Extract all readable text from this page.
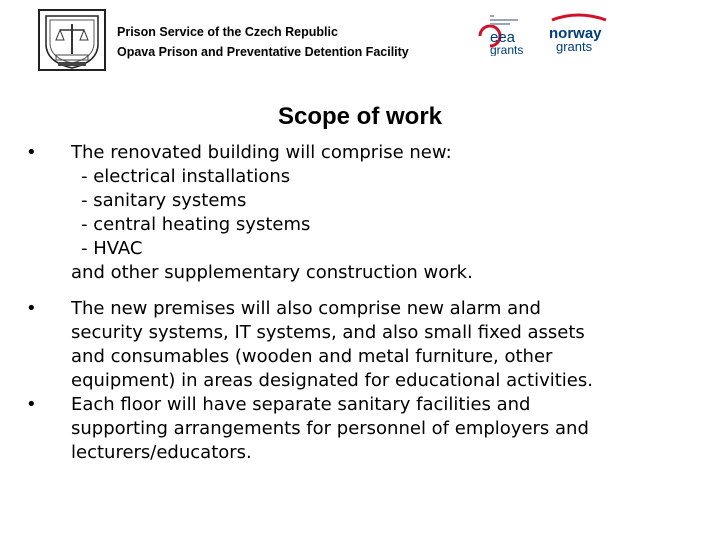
Prison Service of the Czech Republic
Opava Prison and Preventative Detention Facility
eea
grants
norway
grants
Scope of work
• The renovated building will comprise new:
- electrical installations
- sanitary systems
- central heating systems
- HVAC
and other supplementary construction work.
• The new premises will also comprise new alarm and
security systems, IT systems, and also small fixed assets
and consumables (wooden and metal furniture, other
equipment) in areas designated for educational activities.
• Each floor will have separate sanitary facilities and
supporting arrangements for personnel of employers and
lecturers/educators.
